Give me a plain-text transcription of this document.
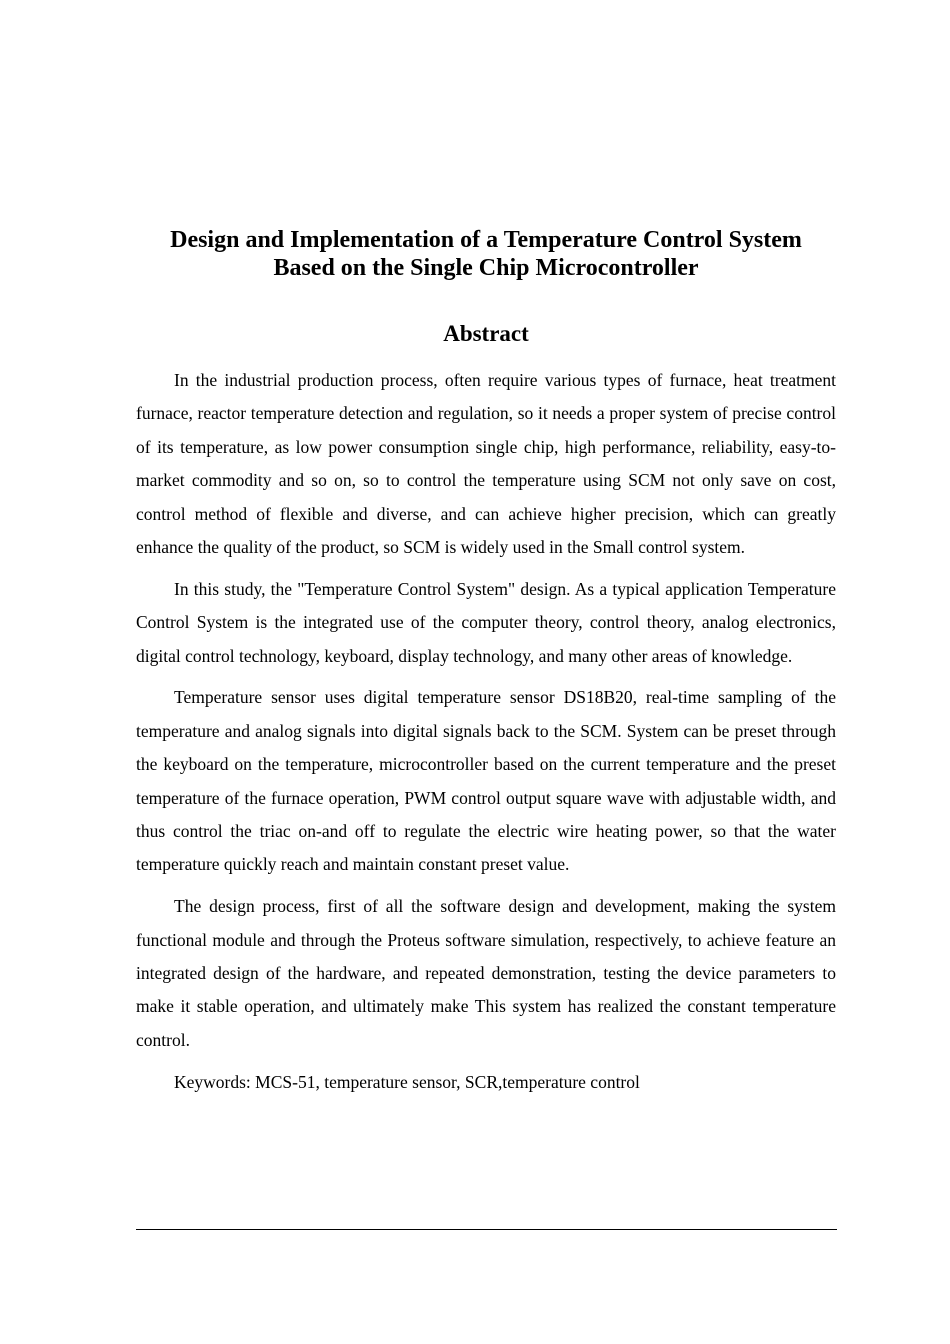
Design and Implementation of a Temperature Control System
Based on the Single Chip Microcontroller
Abstract

In the industrial production process, often require various types of furnace, heat treatment furnace, reactor temperature detection and regulation, so it needs a proper system of precise control of its temperature, as low power consumption single chip, high performance, reliability, easy-to-market commodity and so on, so to control the temperature using SCM not only save on cost, control method of flexible and diverse, and can achieve higher precision, which can greatly enhance the quality of the product, so SCM is widely used in the Small control system.

In this study, the "Temperature Control System" design. As a typical application Temperature Control System is the integrated use of the computer theory, control theory, analog electronics, digital control technology, keyboard, display technology, and many other areas of knowledge.

Temperature sensor uses digital temperature sensor DS18B20, real-time sampling of the temperature and analog signals into digital signals back to the SCM. System can be preset through the keyboard on the temperature, microcontroller based on the current temperature and the preset temperature of the furnace operation, PWM control output square wave with adjustable width, and thus control the triac on-and off to regulate the electric wire heating power, so that the water temperature quickly reach and maintain constant preset value.

The design process, first of all the software design and development, making the system functional module and through the Proteus software simulation, respectively, to achieve feature an integrated design of the hardware, and repeated demonstration, testing the device parameters to make it stable operation, and ultimately make This system has realized the constant temperature control.

Keywords: MCS-51, temperature sensor, SCR,temperature control
